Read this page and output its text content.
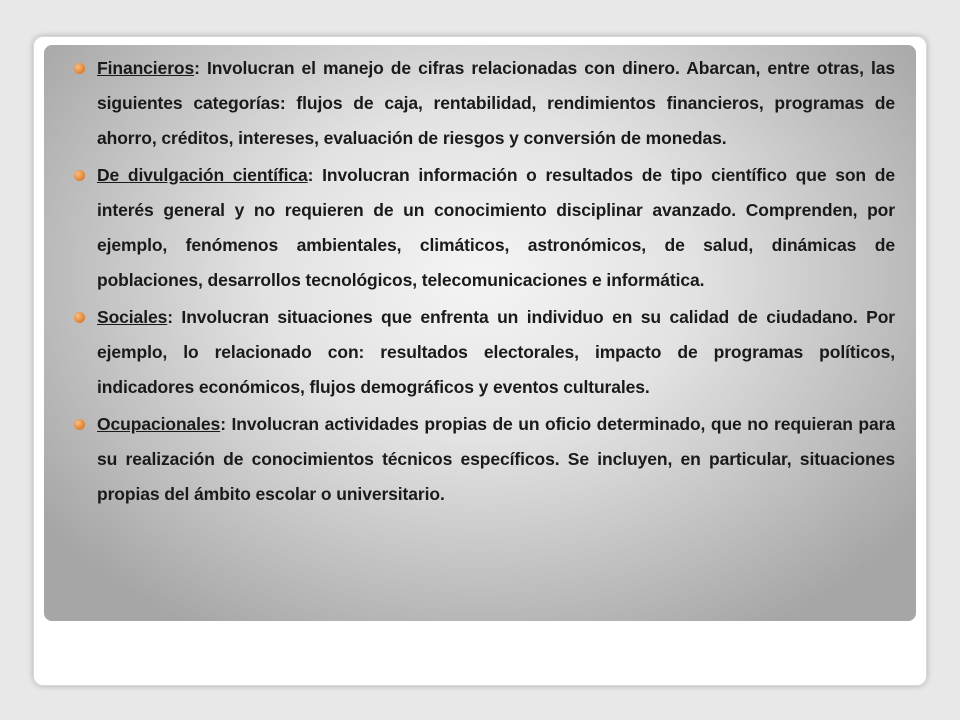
Financieros: Involucran el manejo de cifras relacionadas con dinero. Abarcan, entre otras, las siguientes categorías: flujos de caja, rentabilidad, rendimientos financieros, programas de ahorro, créditos, intereses, evaluación de riesgos y conversión de monedas.
De divulgación científica: Involucran información o resultados de tipo científico que son de interés general y no requieren de un conocimiento disciplinar avanzado. Comprenden, por ejemplo, fenómenos ambientales, climáticos, astronómicos, de salud, dinámicas de poblaciones, desarrollos tecnológicos, telecomunicaciones e informática.
Sociales: Involucran situaciones que enfrenta un individuo en su calidad de ciudadano. Por ejemplo, lo relacionado con: resultados electorales, impacto de programas políticos, indicadores económicos, flujos demográficos y eventos culturales.
Ocupacionales: Involucran actividades propias de un oficio determinado, que no requieran para su realización de conocimientos técnicos específicos. Se incluyen, en particular, situaciones propias del ámbito escolar o universitario.
